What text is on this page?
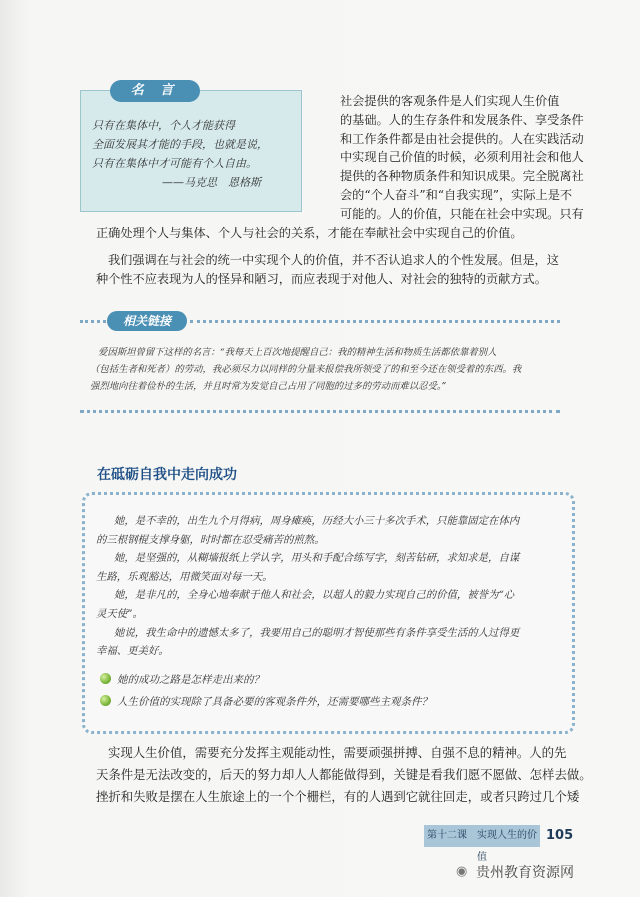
名 言
只有在集体中，个人才能获得
全面发展其才能的手段，也就是说，
只有在集体中才可能有个人自由。
——马克思　恩格斯
社会提供的客观条件是人们实现人生价值
的基础。人的生存条件和发展条件、享受条件
和工作条件都是由社会提供的。人在实践活动
中实现自己价值的时候，必须利用社会和他人
提供的各种物质条件和知识成果。完全脱离社
会的“个人奋斗”和“自我实现”，实际上是不
可能的。人的价值，只能在社会中实现。只有
正确处理个人与集体、个人与社会的关系，才能在奉献社会中实现自己的价值。
我们强调在与社会的统一中实现个人的价值，并不否认追求人的个性发展。但是，这
种个性不应表现为人的怪异和陋习，而应表现于对他人、对社会的独特的贡献方式。
相关链接
爱因斯坦曾留下这样的名言：“我每天上百次地提醒自己：我的精神生活和物质生活都依靠着别人
（包括生者和死者）的劳动，我必须尽力以同样的分量来报偿我所领受了的和至今还在领受着的东西。我
强烈地向往着俭朴的生活，并且时常为发觉自己占用了同胞的过多的劳动而难以忍受。”
在砥砺自我中走向成功
她，是不幸的，出生九个月得病，周身瘫痪，历经大小三十多次手术，只能靠固定在体内
的三根钢棍支撑身躯，时时都在忍受痛苦的煎熬。
她，是坚强的，从糊墙报纸上学认字，用头和手配合练写字，刻苦钻研，求知求是，自谋
生路，乐观豁达，用微笑面对每一天。
她，是非凡的，全身心地奉献于他人和社会，以超人的毅力实现自己的价值，被誉为“心
灵天使”。
她说，我生命中的遗憾太多了，我要用自己的聪明才智使那些有条件享受生活的人过得更
幸福、更美好。
她的成功之路是怎样走出来的？
人生价值的实现除了具备必要的客观条件外，还需要哪些主观条件？
实现人生价值，需要充分发挥主观能动性，需要顽强拼搏、自强不息的精神。人的先
天条件是无法改变的，后天的努力却人人都能做得到，关键是看我们愿不愿做、怎样去做。
挫折和失败是摆在人生旅途上的一个个栅栏，有的人遇到它就往回走，或者只跨过几个矮
第十二课　实现人生的价值
105
◉ 贵州教育资源网
